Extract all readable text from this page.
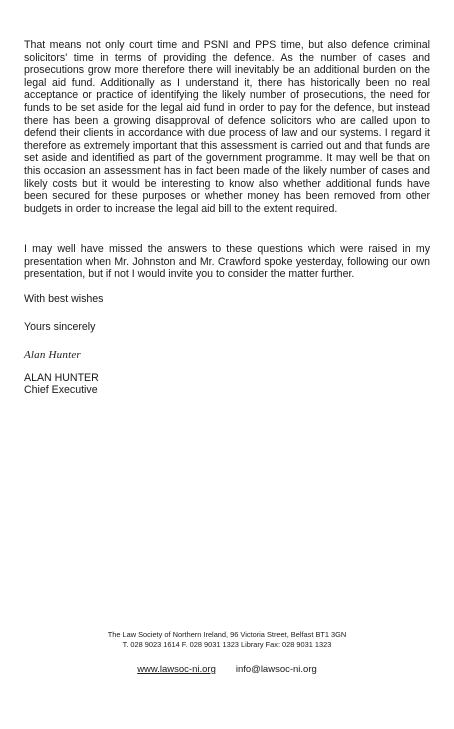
That means not only court time and PSNI and PPS time, but also defence criminal solicitors' time in terms of providing the defence. As the number of cases and prosecutions grow more therefore there will inevitably be an additional burden on the legal aid fund. Additionally as I understand it, there has historically been no real acceptance or practice of identifying the likely number of prosecutions, the need for funds to be set aside for the legal aid fund in order to pay for the defence, but instead there has been a growing disapproval of defence solicitors who are called upon to defend their clients in accordance with due process of law and our systems. I regard it therefore as extremely important that this assessment is carried out and that funds are set aside and identified as part of the government programme. It may well be that on this occasion an assessment has in fact been made of the likely number of cases and likely costs but it would be interesting to know also whether additional funds have been secured for these purposes or whether money has been removed from other budgets in order to increase the legal aid bill to the extent required.

I may well have missed the answers to these questions which were raised in my presentation when Mr. Johnston and Mr. Crawford spoke yesterday, following our own presentation, but if not I would invite you to consider the matter further.

With best wishes

Yours sincerely

Alan Hunter

ALAN HUNTER

Chief Executive

The Law Society of Northern Ireland, 96 Victoria Street, Belfast BT1 3GN

T. 028 9023 1614 F. 028 9031 1323 Library Fax: 028 9031 1323

www.lawsoc-ni.org info@lawsoc-ni.org
